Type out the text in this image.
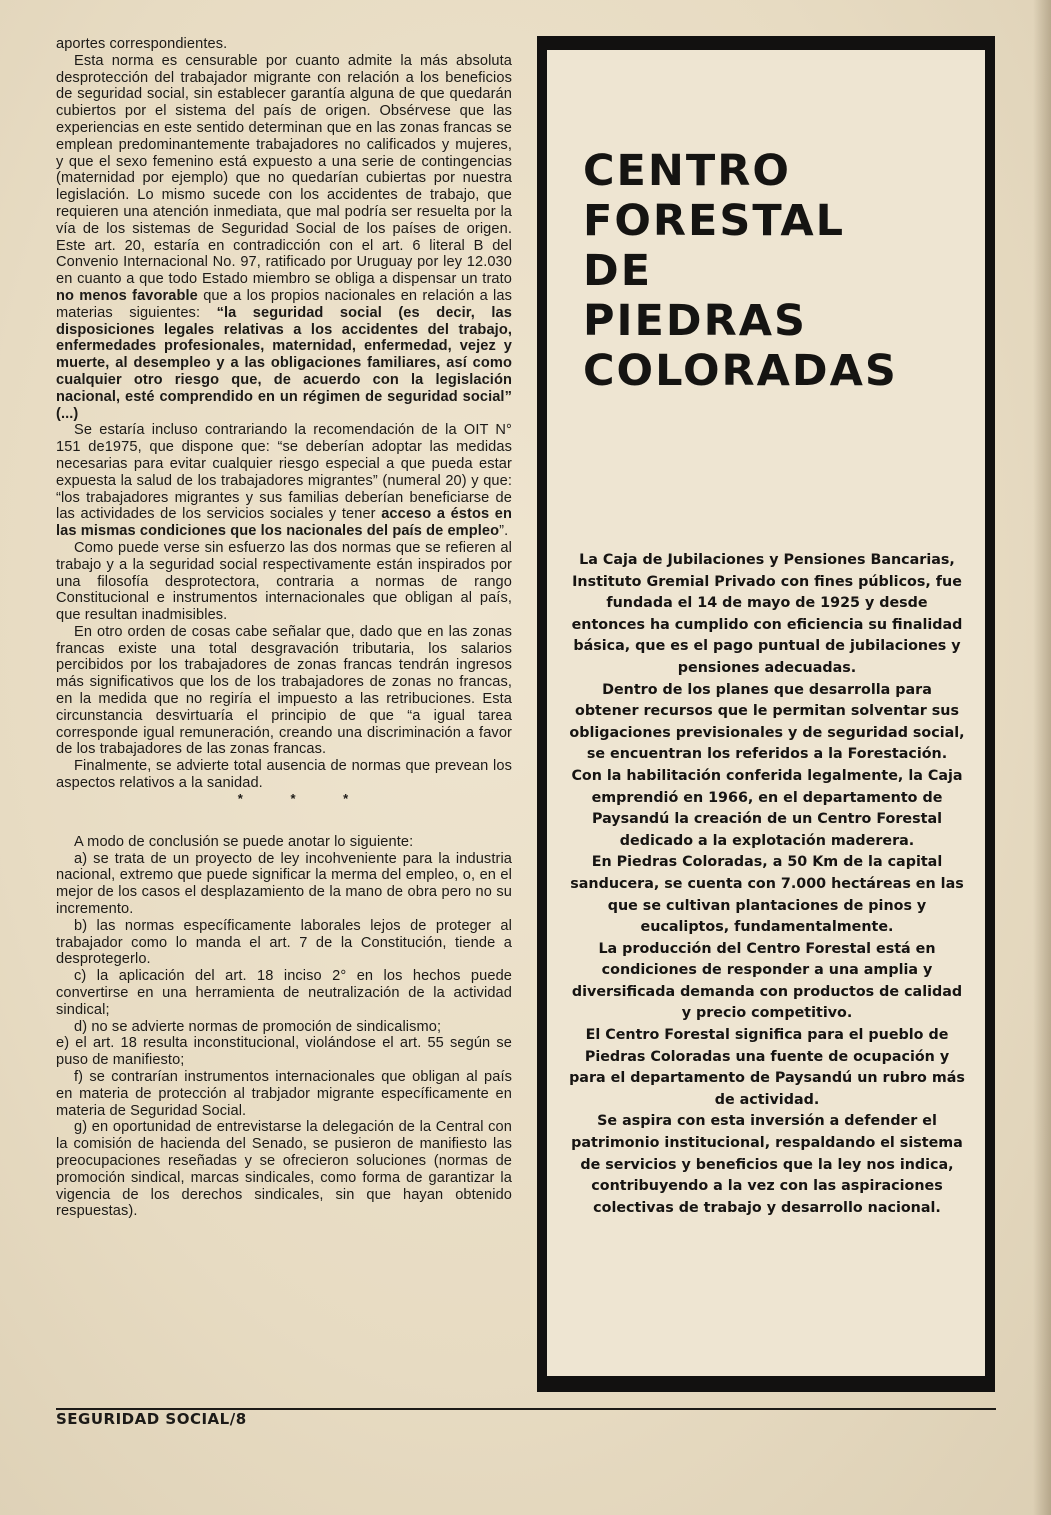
aportes correspondientes.

Esta norma es censurable por cuanto admite la más absoluta desprotección del trabajador migrante con relación a los beneficios de seguridad social, sin establecer garantía alguna de que quedarán cubiertos por el sistema del país de origen. Obsérvese que las experiencias en este sentido determinan que en las zonas francas se emplean predominantemente trabajadores no calificados y mujeres, y que el sexo femenino está expuesto a una serie de contingencias (maternidad por ejemplo) que no quedarían cubiertas por nuestra legislación. Lo mismo sucede con los accidentes de trabajo, que requieren una atención inmediata, que mal podría ser resuelta por la vía de los sistemas de Seguridad Social de los países de origen. Este art. 20, estaría en contradicción con el art. 6 literal B del Convenio Internacional No. 97, ratificado por Uruguay por ley 12.030 en cuanto a que todo Estado miembro se obliga a dispensar un trato no menos favorable que a los propios nacionales en relación a las materias siguientes: “la seguridad social (es decir, las disposiciones legales relativas a los accidentes del trabajo, enfermedades profesionales, maternidad, enfermedad, vejez y muerte, al desempleo y a las obligaciones familiares, así como cualquier otro riesgo que, de acuerdo con la legislación nacional, esté comprendido en un régimen de seguridad social” (...)

Se estaría incluso contrariando la recomendación de la OIT N° 151 de1975, que dispone que: “se deberían adoptar las medidas necesarias para evitar cualquier riesgo especial a que pueda estar expuesta la salud de los trabajadores migrantes” (numeral 20) y que: “los trabajadores migrantes y sus familias deberían beneficiarse de las actividades de los servicios sociales y tener acceso a éstos en las mismas condiciones que los nacionales del país de empleo”.

Como puede verse sin esfuerzo las dos normas que se refieren al trabajo y a la seguridad social respectivamente están inspirados por una filosofía desprotectora, contraria a normas de rango Constitucional e instrumentos internacionales que obligan al país, que resultan inadmisibles.

En otro orden de cosas cabe señalar que, dado que en las zonas francas existe una total desgravación tributaria, los salarios percibidos por los trabajadores de zonas francas tendrán ingresos más significativos que los de los trabajadores de zonas no francas, en la medida que no regiría el impuesto a las retribuciones. Esta circunstancia desvirtuaría el principio de que “a igual tarea corresponde igual remuneración, creando una discriminación a favor de los trabajadores de las zonas francas.

Finalmente, se advierte total ausencia de normas que prevean los aspectos relativos a la sanidad.

* * *

A modo de conclusión se puede anotar lo siguiente:

a) se trata de un proyecto de ley incohveniente para la industria nacional, extremo que puede significar la merma del empleo, o, en el mejor de los casos el desplazamiento de la mano de obra pero no su incremento.

b) las normas específicamente laborales lejos de proteger al trabajador como lo manda el art. 7 de la Constitución, tiende a desprotegerlo.

c) la aplicación del art. 18 inciso 2° en los hechos puede convertirse en una herramienta de neutralización de la actividad sindical;

d) no se advierte normas de promoción de sindicalismo;

e) el art. 18 resulta inconstitucional, violándose el art. 55 según se puso de manifiesto;

f) se contrarían instrumentos internacionales que obligan al país en materia de protección al trabjador migrante específicamente en materia de Seguridad Social.

g) en oportunidad de entrevistarse la delegación de la Central con la comisión de hacienda del Senado, se pusieron de manifiesto las preocupaciones reseñadas y se ofrecieron soluciones (normas de promoción sindical, marcas sindicales, como forma de garantizar la vigencia de los derechos sindicales, sin que hayan obtenido respuestas).

CENTRO
FORESTAL
DE
PIEDRAS
COLORADAS

La Caja de Jubilaciones y Pensiones Bancarias, Instituto Gremial Privado con fines públicos, fue fundada el 14 de mayo de 1925 y desde entonces ha cumplido con eficiencia su finalidad básica, que es el pago puntual de jubilaciones y pensiones adecuadas.

Dentro de los planes que desarrolla para obtener recursos que le permitan solventar sus obligaciones previsionales y de seguridad social, se encuentran los referidos a la Forestación.

Con la habilitación conferida legalmente, la Caja emprendió en 1966, en el departamento de Paysandú la creación de un Centro Forestal dedicado a la explotación maderera.

En Piedras Coloradas, a 50 Km de la capital sanducera, se cuenta con 7.000 hectáreas en las que se cultivan plantaciones de pinos y eucaliptos, fundamentalmente.

La producción del Centro Forestal está en condiciones de responder a una amplia y diversificada demanda con productos de calidad y precio competitivo.

El Centro Forestal significa para el pueblo de Piedras Coloradas una fuente de ocupación y para el departamento de Paysandú un rubro más de actividad.

Se aspira con esta inversión a defender el patrimonio institucional, respaldando el sistema de servicios y beneficios que la ley nos indica, contribuyendo a la vez con las aspiraciones colectivas de trabajo y desarrollo nacional.

SEGURIDAD SOCIAL/8
